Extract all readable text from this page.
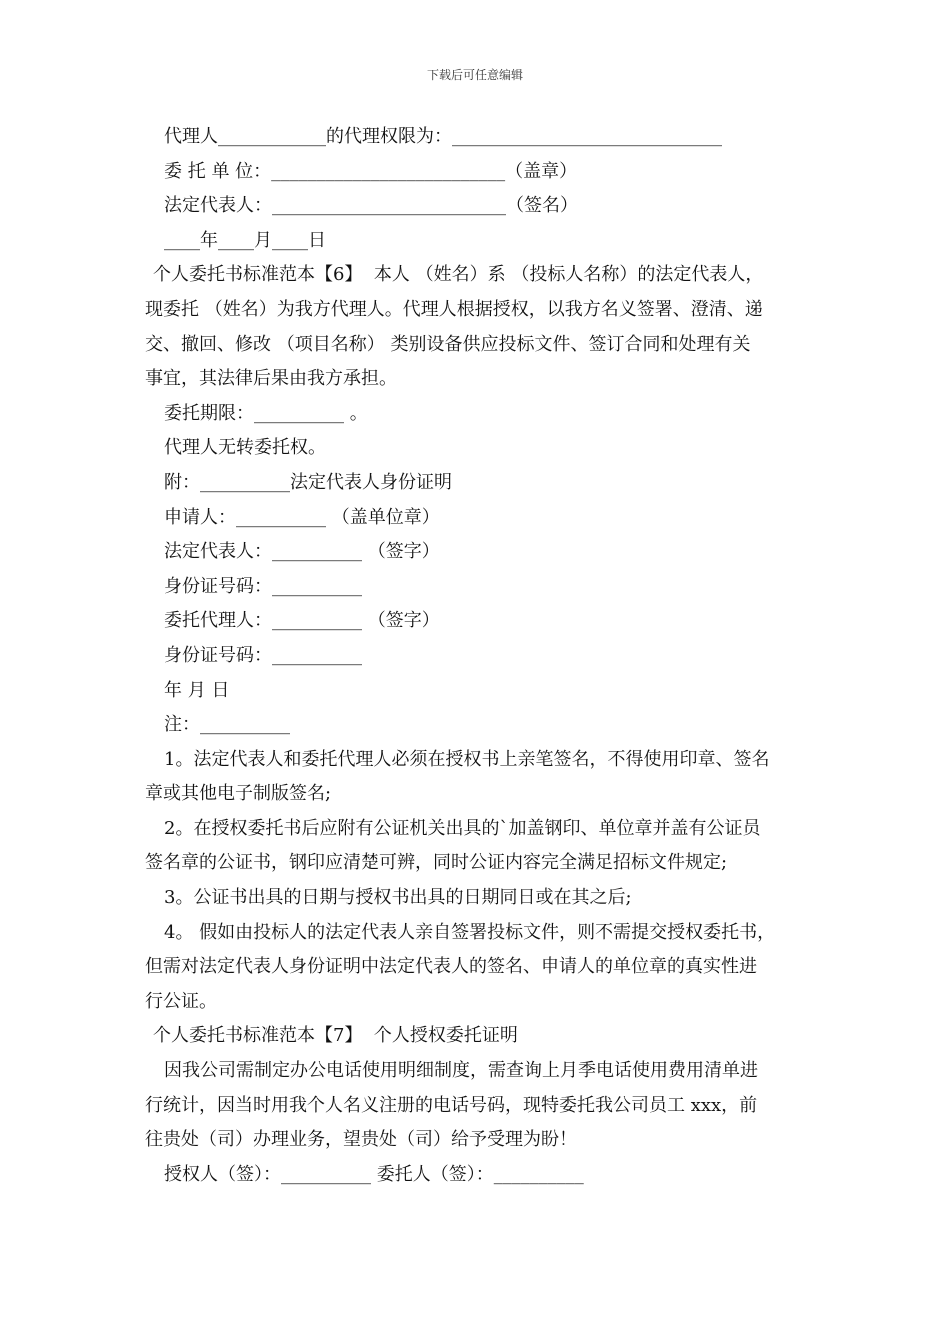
下载后可任意编辑
代理人____________的代理权限为：______________________________
委 托 单 位：__________________________（盖章）
法定代表人：__________________________（签名）
____年____月____日
个人委托书标准范本【6】  本人 （姓名）系 （投标人名称）的法定代表人，
现委托 （姓名）为我方代理人。代理人根据授权，以我方名义签署、澄清、递
交、撤回、修改 （项目名称） 类别设备供应投标文件、签订合同和处理有关
事宜，其法律后果由我方承担。
委托期限：__________ 。
代理人无转委托权。
附：__________法定代表人身份证明
申请人：__________ （盖单位章）
法定代表人：__________ （签字）
身份证号码：__________
委托代理人：__________ （签字）
身份证号码：__________
年 月 日
注：__________
1。法定代表人和委托代理人必须在授权书上亲笔签名，不得使用印章、签名
章或其他电子制版签名;
2。在授权委托书后应附有公证机关出具的`加盖钢印、单位章并盖有公证员
签名章的公证书，钢印应清楚可辨，同时公证内容完全满足招标文件规定;
3。公证书出具的日期与授权书出具的日期同日或在其之后;
4。 假如由投标人的法定代表人亲自签署投标文件，则不需提交授权委托书，
但需对法定代表人身份证明中法定代表人的签名、申请人的单位章的真实性进
行公证。
个人委托书标准范本【7】  个人授权委托证明
因我公司需制定办公电话使用明细制度，需查询上月季电话使用费用清单进
行统计，因当时用我个人名义注册的电话号码，现特委托我公司员工 xxx，前
往贵处（司）办理业务，望贵处（司）给予受理为盼！
授权人（签）：__________ 委托人（签）：__________
